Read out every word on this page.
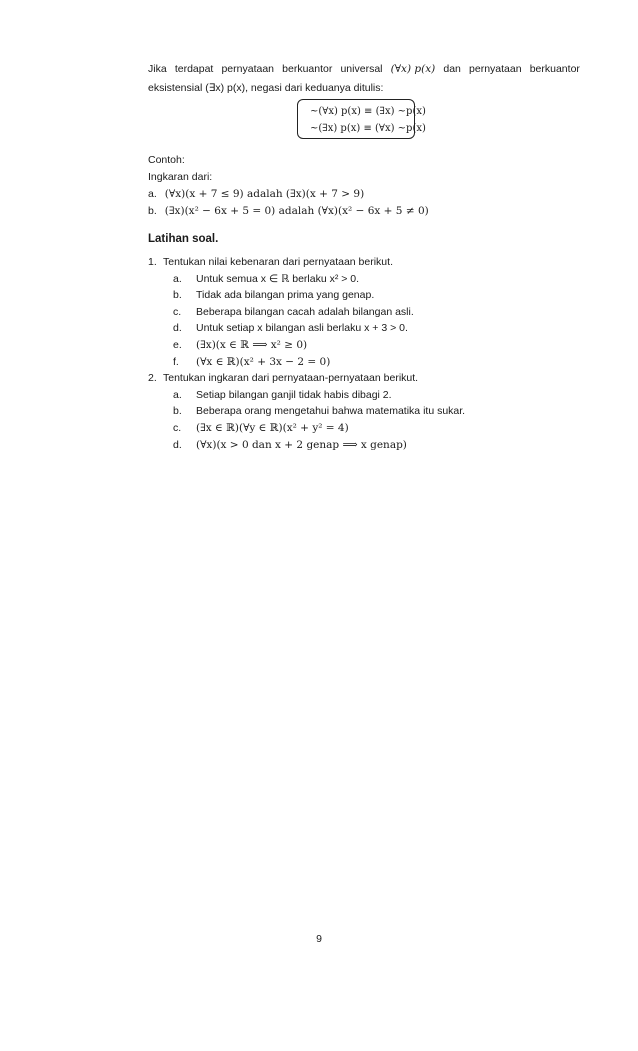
Jika terdapat pernyataan berkuantor universal (∀x) p(x) dan pernyataan berkuantor
eksistensial (∃x) p(x), negasi dari keduanya ditulis:
~(∀x) p(x) ≡ (∃x) ~p(x)
~(∃x) p(x) ≡ (∀x) ~p(x)
Contoh:
Ingkaran dari:
a. (∀x)(x + 7 ≤ 9) adalah (∃x)(x + 7 > 9)
b. (∃x)(x² − 6x + 5 = 0) adalah (∀x)(x² − 6x + 5 ≠ 0)
Latihan soal.
1. Tentukan nilai kebenaran dari pernyataan berikut.
a.	Untuk semua x ∈ ℝ berlaku x² > 0.
b.	Tidak ada bilangan prima yang genap.
c.	Beberapa bilangan cacah adalah bilangan asli.
d.	Untuk setiap x bilangan asli berlaku x + 3 > 0.
e.	(∃x)(x ∈ ℝ ⟹ x² ≥ 0)
f.	(∀x ∈ ℝ)(x² + 3x − 2 = 0)
2. Tentukan ingkaran dari pernyataan-pernyataan berikut.
a.	Setiap bilangan ganjil tidak habis dibagi 2.
b.	Beberapa orang mengetahui bahwa matematika itu sukar.
c.	(∃x ∈ ℝ)(∀y ∈ ℝ)(x² + y² = 4)
d.	(∀x)(x > 0 dan x + 2 genap ⟹ x genap)
9
